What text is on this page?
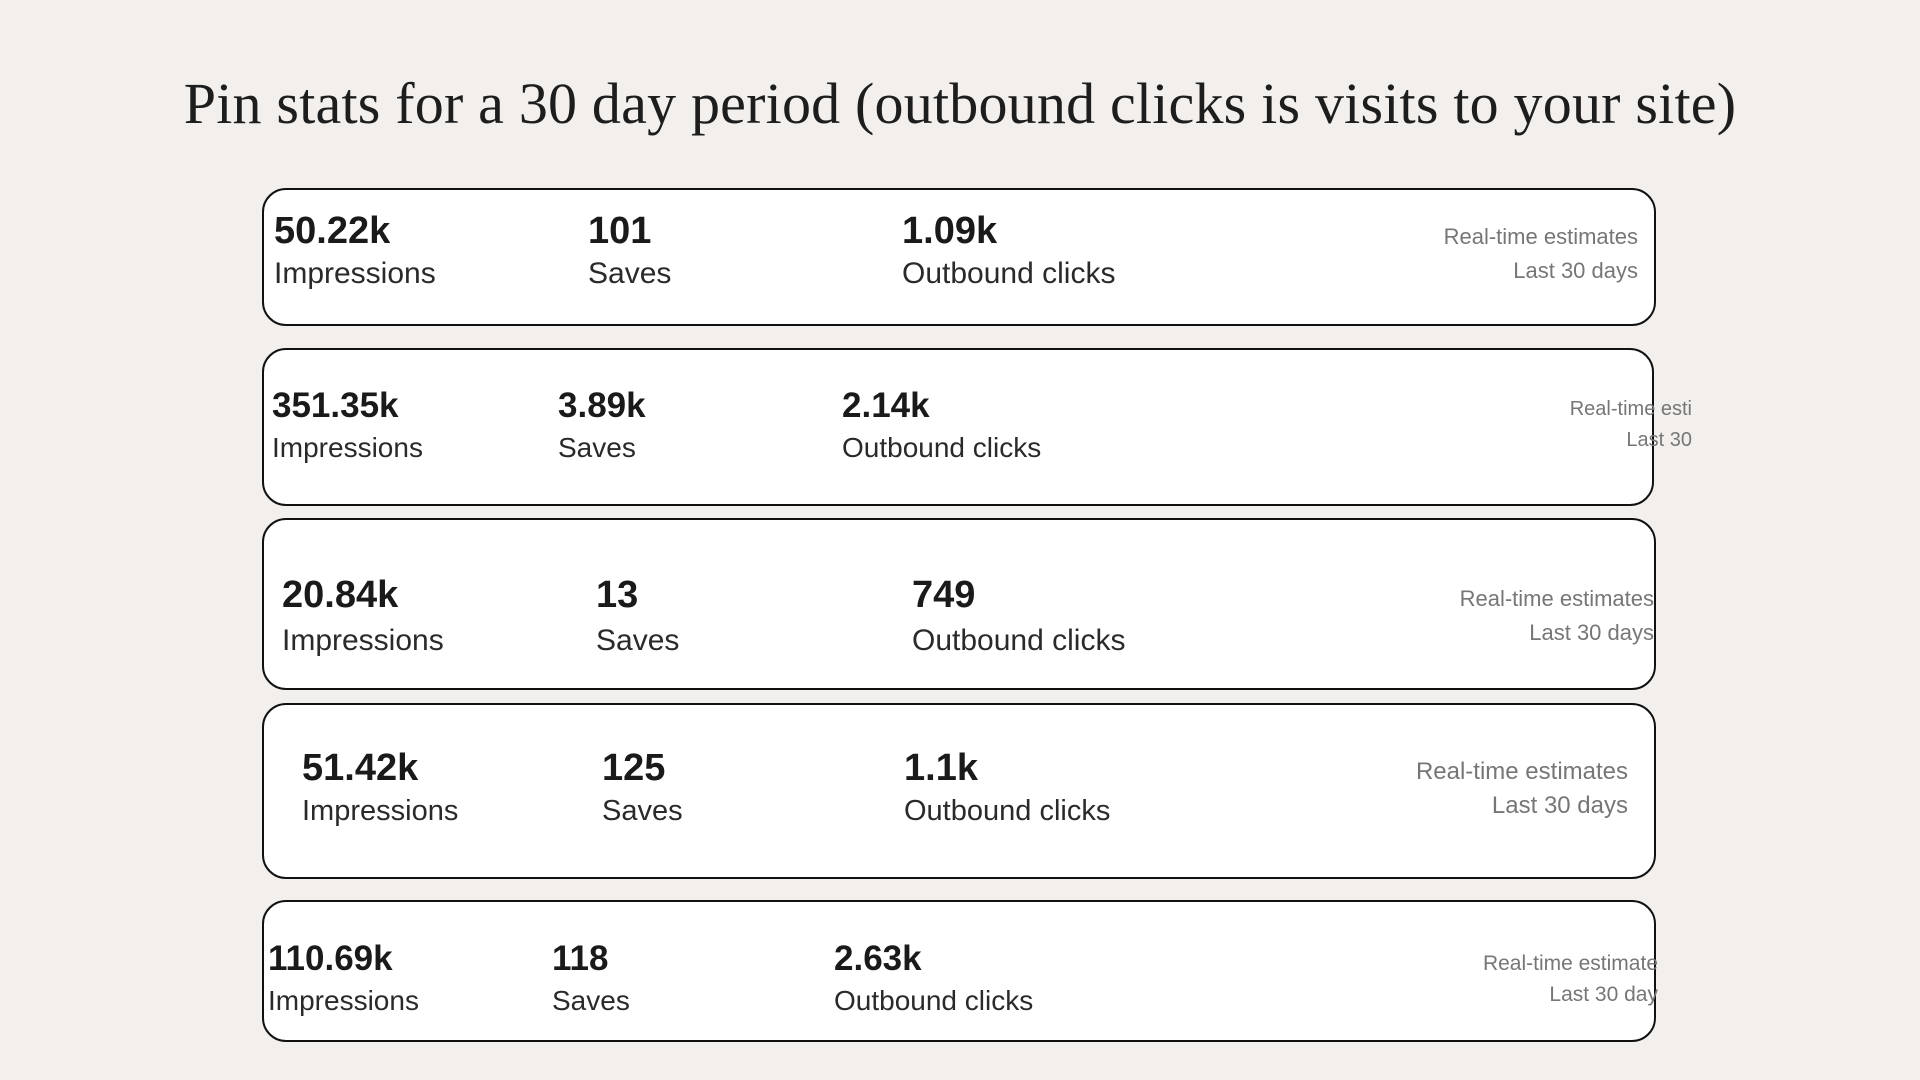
Pin stats for a 30 day period (outbound clicks is visits to your site)
50.22k
Impressions
101
Saves
1.09k
Outbound clicks
Real-time estimates
Last 30 days
351.35k
Impressions
3.89k
Saves
2.14k
Outbound clicks
Real-time esti
Last 30
20.84k
Impressions
13
Saves
749
Outbound clicks
Real-time estimates
Last 30 days
51.42k
Impressions
125
Saves
1.1k
Outbound clicks
Real-time estimates
Last 30 days
110.69k
Impressions
118
Saves
2.63k
Outbound clicks
Real-time estimate
Last 30 day
